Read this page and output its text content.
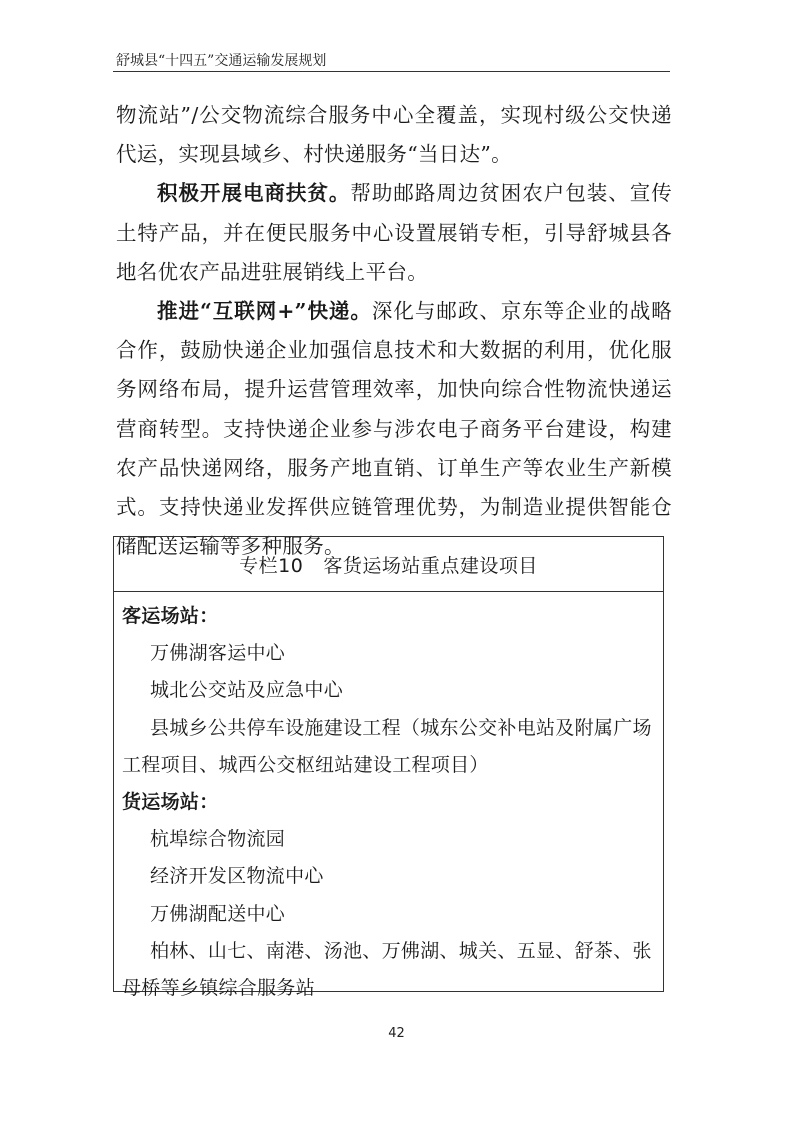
舒城县“十四五”交通运输发展规划

物流站”/公交物流综合服务中心全覆盖，实现村级公交快递代运，实现县域乡、村快递服务“当日达”。

积极开展电商扶贫。帮助邮路周边贫困农户包装、宣传土特产品，并在便民服务中心设置展销专柜，引导舒城县各地名优农产品进驻展销线上平台。

推进“互联网+”快递。深化与邮政、京东等企业的战略合作，鼓励快递企业加强信息技术和大数据的利用，优化服务网络布局，提升运营管理效率，加快向综合性物流快递运营商转型。支持快递企业参与涉农电子商务平台建设，构建农产品快递网络，服务产地直销、订单生产等农业生产新模式。支持快递业发挥供应链管理优势，为制造业提供智能仓储配送运输等多种服务。

专栏10 客货运场站重点建设项目

客运场站：

万佛湖客运中心

城北公交站及应急中心

县城乡公共停车设施建设工程（城东公交补电站及附属广场工程项目、城西公交枢纽站建设工程项目）

货运场站：

杭埠综合物流园

经济开发区物流中心

万佛湖配送中心

柏林、山七、南港、汤池、万佛湖、城关、五显、舒茶、张母桥等乡镇综合服务站

42
